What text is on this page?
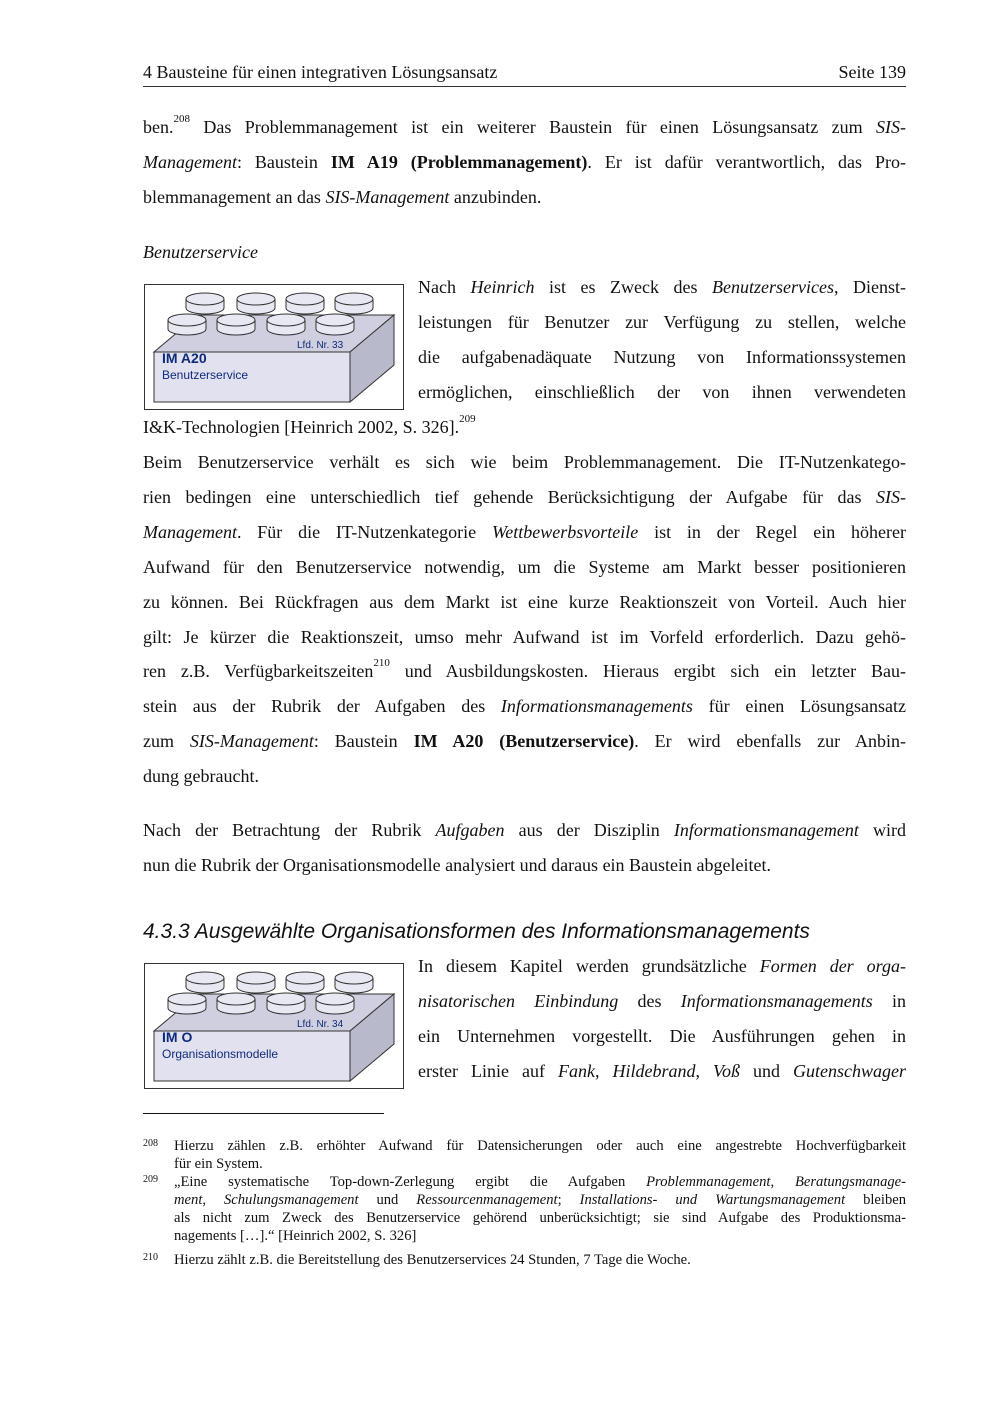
4 Bausteine für einen integrativen Lösungsansatz	Seite 139
ben.$^{208}$ Das Problemmanagement ist ein weiterer Baustein für einen Lösungsansatz zum SIS-
Management: Baustein IM A19 (Problemmanagement). Er ist dafür verantwortlich, das Pro-
blemmanagement an das SIS-Management anzubinden.
Benutzerservice
Lfd. Nr. 33
IM A20
Benutzerservice
Nach Heinrich ist es Zweck des Benutzerservices, Dienst-
leistungen für Benutzer zur Verfügung zu stellen, welche
die aufgabenadäquate Nutzung von Informationssystemen
ermöglichen, einschließlich der von ihnen verwendeten
I&K-Technologien [Heinrich 2002, S. 326].$^{209}$
Beim Benutzerservice verhält es sich wie beim Problemmanagement. Die IT-Nutzenkatego-
rien bedingen eine unterschiedlich tief gehende Berücksichtigung der Aufgabe für das SIS-
Management. Für die IT-Nutzenkategorie Wettbewerbsvorteile ist in der Regel ein höherer
Aufwand für den Benutzerservice notwendig, um die Systeme am Markt besser positionieren
zu können. Bei Rückfragen aus dem Markt ist eine kurze Reaktionszeit von Vorteil. Auch hier
gilt: Je kürzer die Reaktionszeit, umso mehr Aufwand ist im Vorfeld erforderlich. Dazu gehö-
ren z.B. Verfügbarkeitszeiten$^{210}$ und Ausbildungskosten. Hieraus ergibt sich ein letzter Bau-
stein aus der Rubrik der Aufgaben des Informationsmanagements für einen Lösungsansatz
zum SIS-Management: Baustein IM A20 (Benutzerservice). Er wird ebenfalls zur Anbin-
dung gebraucht.
Nach der Betrachtung der Rubrik Aufgaben aus der Disziplin Informationsmanagement wird
nun die Rubrik der Organisationsmodelle analysiert und daraus ein Baustein abgeleitet.
4.3.3 Ausgewählte Organisationsformen des Informationsmanagements
Lfd. Nr. 34
IM O
Organisationsmodelle
In diesem Kapitel werden grundsätzliche Formen der orga-
nisatorischen Einbindung des Informationsmanagements in
ein Unternehmen vorgestellt. Die Ausführungen gehen in
erster Linie auf Fank, Hildebrand, Voß und Gutenschwager
208 Hierzu zählen z.B. erhöhter Aufwand für Datensicherungen oder auch eine angestrebte Hochverfügbarkeit
für ein System.
209 „Eine systematische Top-down-Zerlegung ergibt die Aufgaben Problemmanagement, Beratungsmanage-
ment, Schulungsmanagement und Ressourcenmanagement; Installations- und Wartungsmanagement bleiben
als nicht zum Zweck des Benutzerservice gehörend unberücksichtigt; sie sind Aufgabe des Produktionsma-
nagements […].“ [Heinrich 2002, S. 326]
210 Hierzu zählt z.B. die Bereitstellung des Benutzerservices 24 Stunden, 7 Tage die Woche.
